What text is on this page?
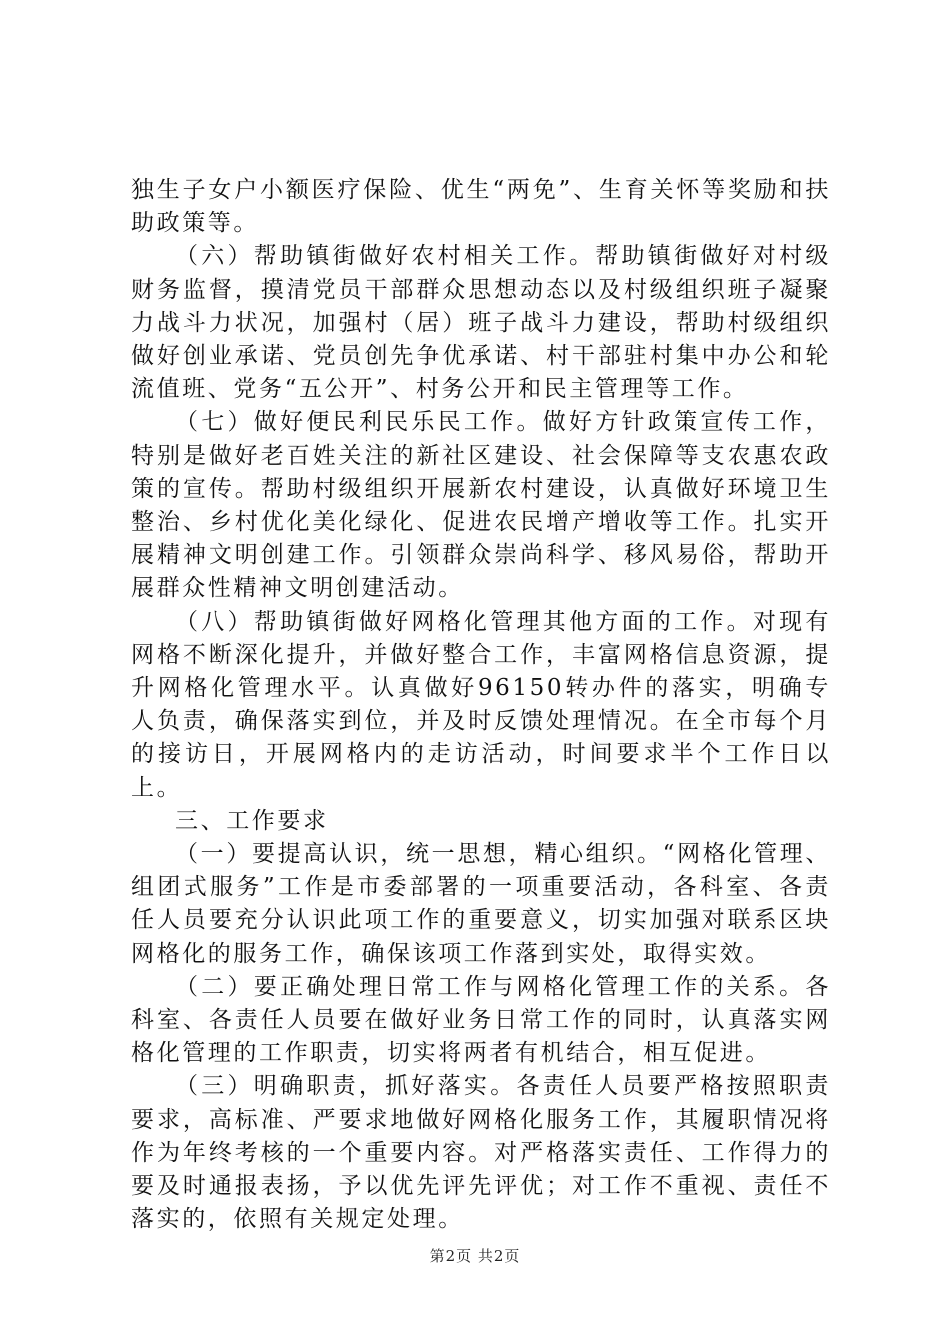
独生子女户小额医疗保险、优生“两免”、生育关怀等奖励和扶助政策等。

（六）帮助镇街做好农村相关工作。帮助镇街做好对村级财务监督，摸清党员干部群众思想动态以及村级组织班子凝聚力战斗力状况，加强村（居）班子战斗力建设，帮助村级组织做好创业承诺、党员创先争优承诺、村干部驻村集中办公和轮流值班、党务“五公开”、村务公开和民主管理等工作。

（七）做好便民利民乐民工作。做好方针政策宣传工作，特别是做好老百姓关注的新社区建设、社会保障等支农惠农政策的宣传。帮助村级组织开展新农村建设，认真做好环境卫生整治、乡村优化美化绿化、促进农民增产增收等工作。扎实开展精神文明创建工作。引领群众崇尚科学、移风易俗，帮助开展群众性精神文明创建活动。

（八）帮助镇街做好网格化管理其他方面的工作。对现有网格不断深化提升，并做好整合工作，丰富网格信息资源，提升网格化管理水平。认真做好96150转办件的落实，明确专人负责，确保落实到位，并及时反馈处理情况。在全市每个月的接访日，开展网格内的走访活动，时间要求半个工作日以上。

三、工作要求

（一）要提高认识，统一思想，精心组织。“网格化管理、组团式服务”工作是市委部署的一项重要活动，各科室、各责任人员要充分认识此项工作的重要意义，切实加强对联系区块网格化的服务工作，确保该项工作落到实处，取得实效。

（二）要正确处理日常工作与网格化管理工作的关系。各科室、各责任人员要在做好业务日常工作的同时，认真落实网格化管理的工作职责，切实将两者有机结合，相互促进。

（三）明确职责，抓好落实。各责任人员要严格按照职责要求，高标准、严要求地做好网格化服务工作，其履职情况将作为年终考核的一个重要内容。对严格落实责任、工作得力的要及时通报表扬，予以优先评先评优；对工作不重视、责任不落实的，依照有关规定处理。

第2页 共2页
